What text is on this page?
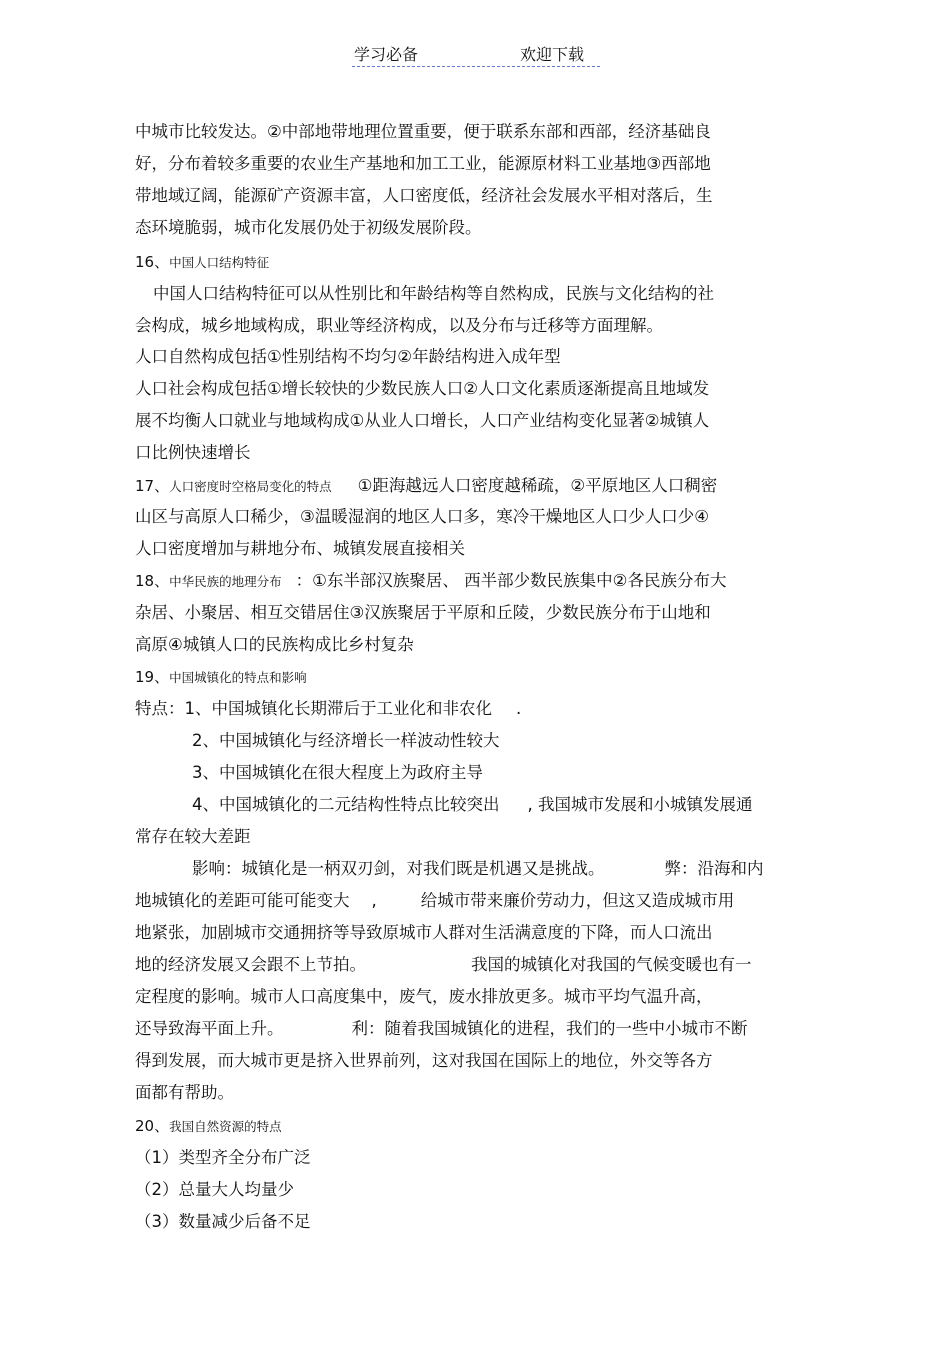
学习必备	欢迎下载
中城市比较发达。②中部地带地理位置重要，便于联系东部和西部，经济基础良
好，分布着较多重要的农业生产基地和加工工业，能源原材料工业基地③西部地
带地域辽阔，能源矿产资源丰富，人口密度低，经济社会发展水平相对落后，生
态环境脆弱，城市化发展仍处于初级发展阶段。
16、中国人口结构特征
中国人口结构特征可以从性别比和年龄结构等自然构成，民族与文化结构的社
会构成，城乡地域构成，职业等经济构成，以及分布与迁移等方面理解。
人口自然构成包括①性别结构不均匀②年龄结构进入成年型
人口社会构成包括①增长较快的少数民族人口②人口文化素质逐渐提高且地域发
展不均衡人口就业与地域构成①从业人口增长，人口产业结构变化显著②城镇人
口比例快速增长
17、人口密度时空格局变化的特点 ①距海越远人口密度越稀疏，②平原地区人口稠密
山区与高原人口稀少，③温暖湿润的地区人口多，寒冷干燥地区人口少人口少④
人口密度增加与耕地分布、城镇发展直接相关
18、中华民族的地理分布 ：①东半部汉族聚居、 西半部少数民族集中②各民族分布大
杂居、小聚居、相互交错居住③汉族聚居于平原和丘陵，少数民族分布于山地和
高原④城镇人口的民族构成比乡村复杂
19、中国城镇化的特点和影响
特点：1、中国城镇化长期滞后于工业化和非农化 .
2、中国城镇化与经济增长一样波动性较大
3、中国城镇化在很大程度上为政府主导
4、中国城镇化的二元结构性特点比较突出 , 我国城市发展和小城镇发展通
常存在较大差距
影响：城镇化是一柄双刃剑，对我们既是机遇又是挑战。	弊：沿海和内
地城镇化的差距可能可能变大 ,	给城市带来廉价劳动力，但这又造成城市用
地紧张，加剧城市交通拥挤等导致原城市人群对生活满意度的下降，而人口流出
地的经济发展又会跟不上节拍。	我国的城镇化对我国的气候变暖也有一
定程度的影响。城市人口高度集中，废气，废水排放更多。城市平均气温升高，
还导致海平面上升。	利：随着我国城镇化的进程，我们的一些中小城市不断
得到发展，而大城市更是挤入世界前列，这对我国在国际上的地位，外交等各方
面都有帮助。
20、我国自然资源的特点
（1）类型齐全分布广泛
（2）总量大人均量少
（3）数量减少后备不足
